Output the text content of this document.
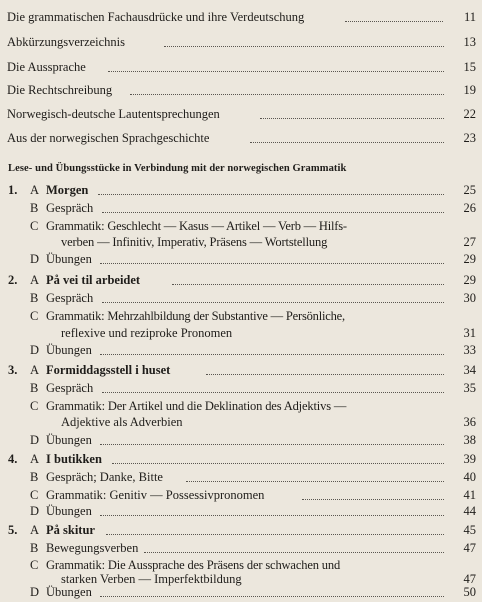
Die grammatischen Fachausdrücke und ihre Verdeutschung	11
Abkürzungsverzeichnis	13
Die Aussprache	15
Die Rechtschreibung	19
Norwegisch-deutsche Lautentsprechungen	22
Aus der norwegischen Sprachgeschichte	23
Lese- und Übungsstücke in Verbindung mit der norwegischen Grammatik
1. A Morgen	25
B Gespräch	26
C Grammatik: Geschlecht — Kasus — Artikel — Verb — Hilfs-
verben — Infinitiv, Imperativ, Präsens — Wortstellung	27
D Übungen	29
2. A På vei til arbeidet	29
B Gespräch	30
C Grammatik: Mehrzahlbildung der Substantive — Persönliche,
reflexive und reziproke Pronomen	31
D Übungen	33
3. A Formiddagsstell i huset	34
B Gespräch	35
C Grammatik: Der Artikel und die Deklination des Adjektivs —
Adjektive als Adverbien	36
D Übungen	38
4. A I butikken	39
B Gespräch; Danke, Bitte	40
C Grammatik: Genitiv — Possessivpronomen	41
D Übungen	44
5. A På skitur	45
B Bewegungsverben	47
C Grammatik: Die Aussprache des Präsens der schwachen und
starken Verben — Imperfektbildung	47
D Übungen	50
